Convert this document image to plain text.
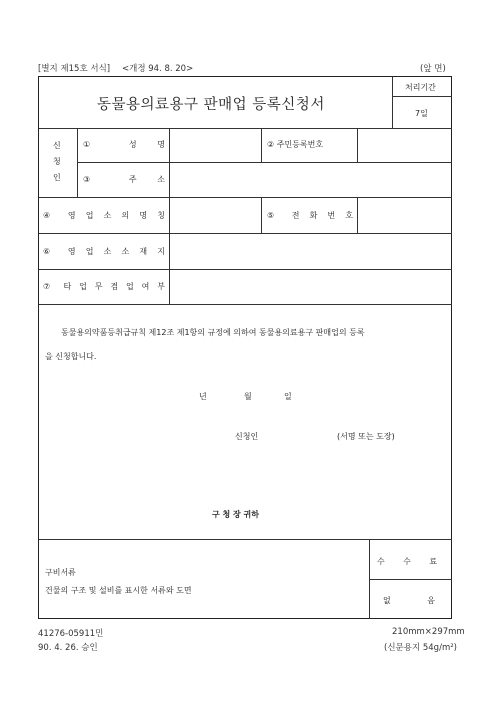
[별지 제15호 서식] <개정 94. 8. 20>	(앞 면)
동물용의료용구 판매업 등록신청서
처리기간
7일
신
청
인
① 성 명	② 주민등록번호
③ 주 소
④ 영 업 소 의 명 칭	⑤ 전 화 번 호
⑥ 영 업 소 소 재 지
⑦ 타 업 무 겸 업 여 부
동물용의약품등취급규칙 제12조 제1항의 규정에 의하여 동물용의료용구 판매업의 등록
을 신청합니다.
년	월	일
신청인	(서명 또는 도장)
구 청 장 귀하
구비서류
건물의 구조 및 설비를 표시한 서류와 도면
수 수 료
없 음
41276-05911민
90. 4. 26. 승인
210mm×297mm
(신문용지 54g/m²)
